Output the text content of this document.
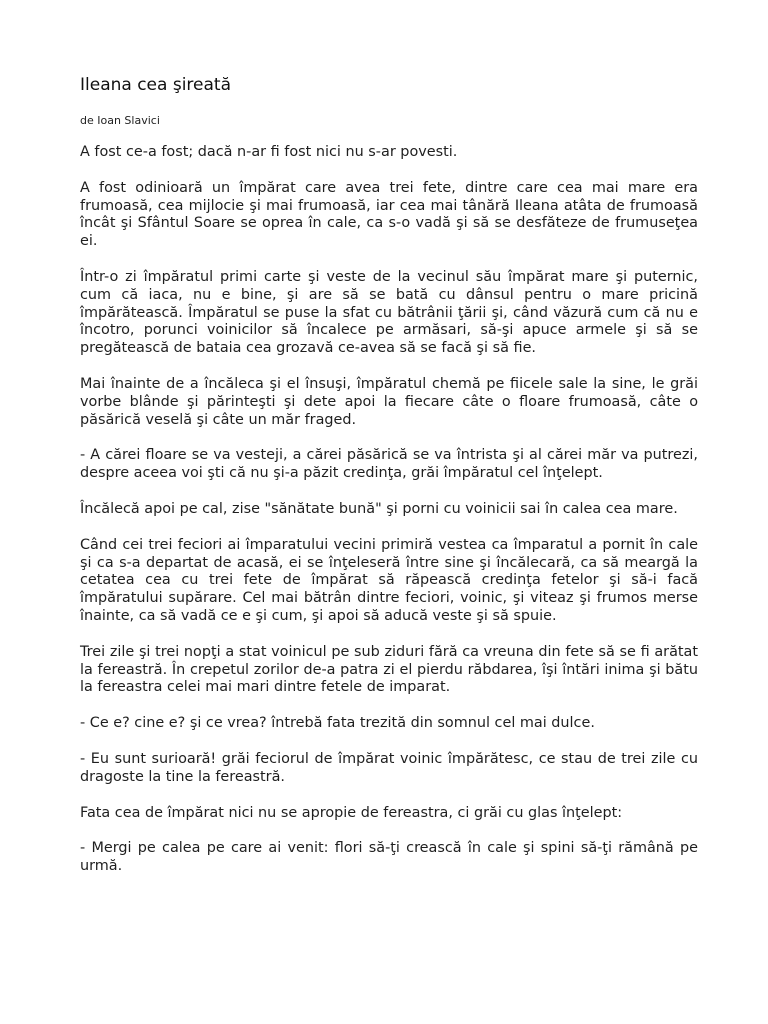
Ileana cea şireată
de Ioan Slavici

A fost ce-a fost; dacă n-ar fi fost nici nu s-ar povesti.

A fost odinioară un împărat care avea trei fete, dintre care cea mai mare era frumoasă, cea mijlocie şi mai frumoasă, iar cea mai tânără Ileana atâta de frumoasă încât şi Sfântul Soare se oprea în cale, ca s-o vadă şi să se desfăteze de frumuseţea ei.

Într-o zi împăratul primi carte şi veste de la vecinul său împărat mare şi puternic, cum că iaca, nu e bine, şi are să se bată cu dânsul pentru o mare pricină împărătească. Împăratul se puse la sfat cu bătrânii ţării şi, când văzură cum că nu e încotro, porunci voinicilor să încalece pe armăsari, să-şi apuce armele şi să se pregătească de bataia cea grozavă ce-avea să se facă şi să fie.

Mai înainte de a încăleca şi el însuşi, împăratul chemă pe fiicele sale la sine, le grăi vorbe blânde şi părinteşti şi dete apoi la fiecare câte o floare frumoasă, câte o păsărică veselă şi câte un măr fraged.

- A cărei floare se va vesteji, a cărei păsărică se va întrista şi al cărei măr va putrezi, despre aceea voi şti că nu şi-a păzit credinţa, grăi împăratul cel înţelept.

Încălecă apoi pe cal, zise "sănătate bună" şi porni cu voinicii sai în calea cea mare.

Când cei trei feciori ai împaratului vecini primiră vestea ca împaratul a pornit în cale şi ca s-a departat de acasă, ei se înţeleseră între sine şi încălecară, ca să meargă la cetatea cea cu trei fete de împărat să răpească credinţa fetelor şi să-i facă împăratului supărare. Cel mai bătrân dintre feciori, voinic, şi viteaz şi frumos merse înainte, ca să vadă ce e şi cum, şi apoi să aducă veste şi să spuie.

Trei zile şi trei nopţi a stat voinicul pe sub ziduri fără ca vreuna din fete să se fi arătat la fereastră. În crepetul zorilor de-a patra zi el pierdu răbdarea, îşi întări inima şi bătu la fereastra celei mai mari dintre fetele de imparat.

- Ce e? cine e? şi ce vrea? întrebă fata trezită din somnul cel mai dulce.

- Eu sunt surioară! grăi feciorul de împărat voinic împărătesc, ce stau de trei zile cu dragoste la tine la fereastră.

Fata cea de împărat nici nu se apropie de fereastra, ci grăi cu glas înţelept:

- Mergi pe calea pe care ai venit: flori să-ţi crească în cale şi spini să-ţi rămână pe urmă.
